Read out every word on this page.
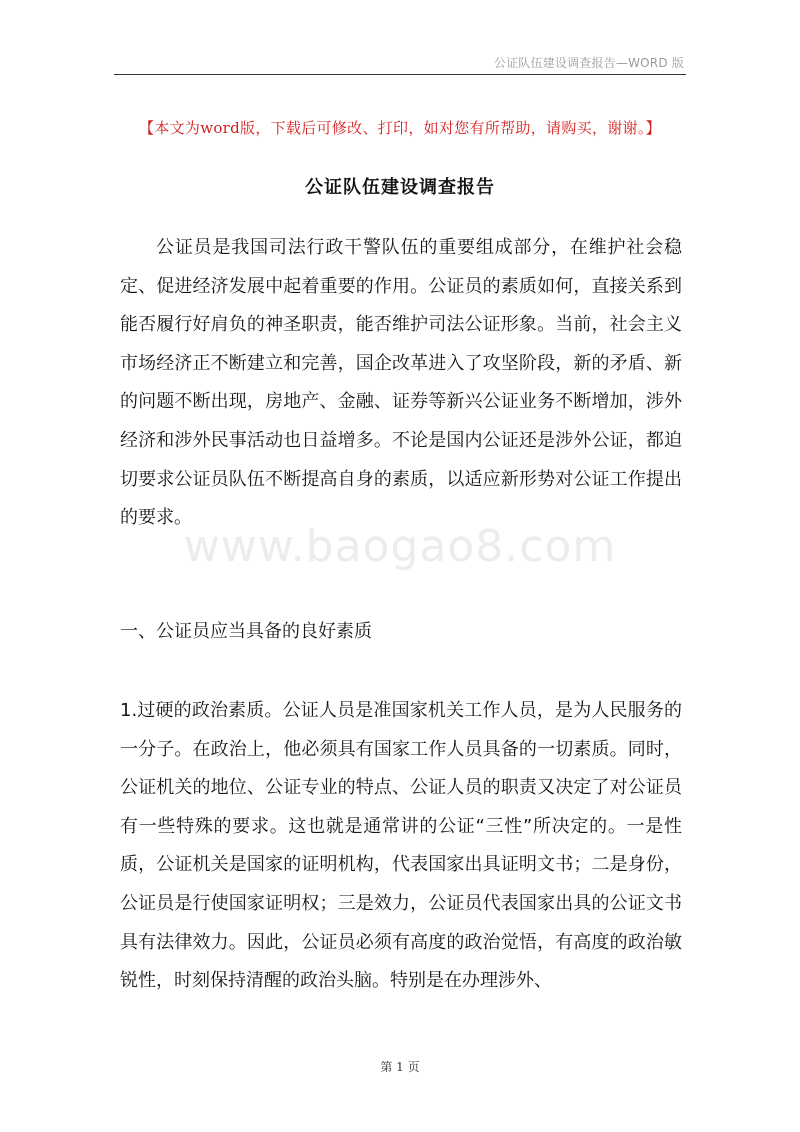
公证队伍建设调查报告—WORD 版
【本文为word版，下载后可修改、打印，如对您有所帮助，请购买，谢谢。】
公证队伍建设调查报告
公证员是我国司法行政干警队伍的重要组成部分，在维护社会稳定、促进经济发展中起着重要的作用。公证员的素质如何，直接关系到能否履行好肩负的神圣职责，能否维护司法公证形象。当前，社会主义市场经济正不断建立和完善，国企改革进入了攻坚阶段，新的矛盾、新的问题不断出现，房地产、金融、证券等新兴公证业务不断增加，涉外经济和涉外民事活动也日益增多。不论是国内公证还是涉外公证，都迫切要求公证员队伍不断提高自身的素质，以适应新形势对公证工作提出的要求。
www.baogao8.com
一、公证员应当具备的良好素质
1.过硬的政治素质。公证人员是准国家机关工作人员，是为人民服务的一分子。在政治上，他必须具有国家工作人员具备的一切素质。同时，公证机关的地位、公证专业的特点、公证人员的职责又决定了对公证员有一些特殊的要求。这也就是通常讲的公证“三性”所决定的。一是性质，公证机关是国家的证明机构，代表国家出具证明文书；二是身份，公证员是行使国家证明权；三是效力，公证员代表国家出具的公证文书具有法律效力。因此，公证员必须有高度的政治觉悟，有高度的政治敏锐性，时刻保持清醒的政治头脑。特别是在办理涉外、
第 1 页
